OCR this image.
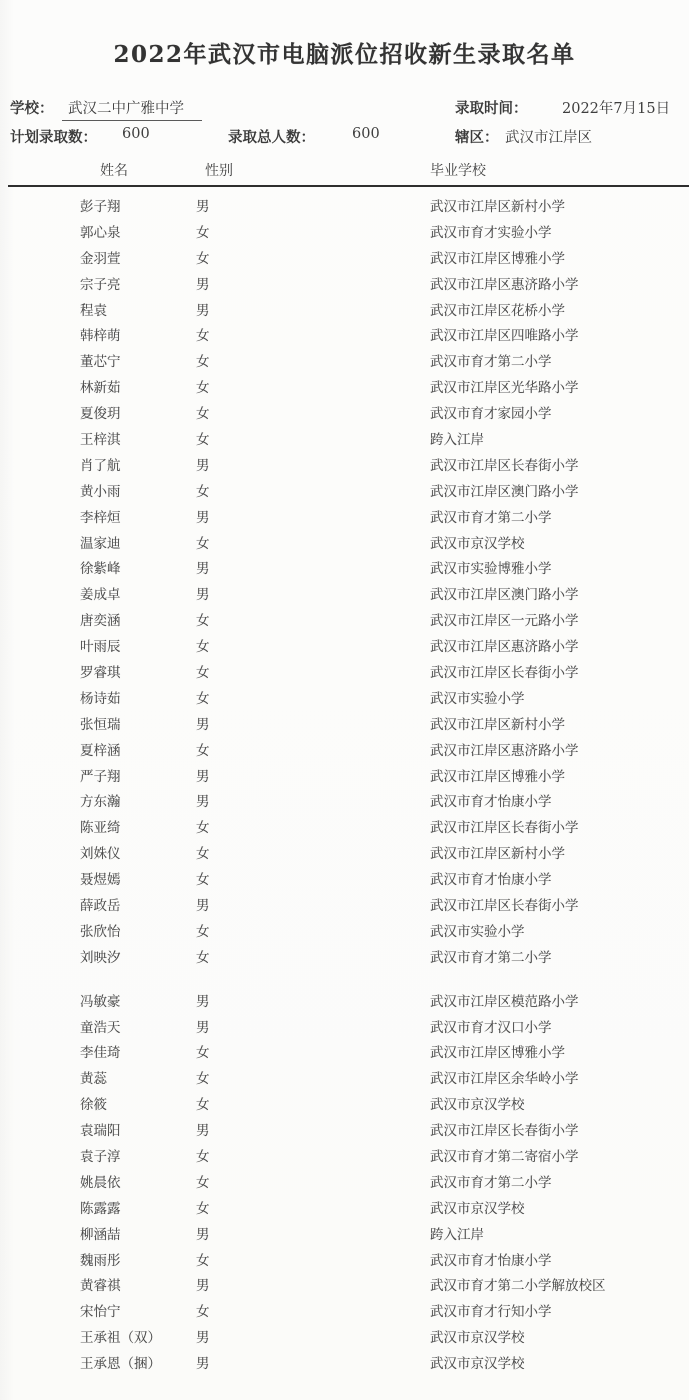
2022年武汉市电脑派位招收新生录取名单
学校：	武汉二中广雅中学	录取时间： 2022年7月15日
计划录取数： 600	录取总人数：	600	辖区： 武汉市江岸区
姓名	性别	毕业学校
彭子翔	男	武汉市江岸区新村小学
郭心泉	女	武汉市育才实验小学
金羽萱	女	武汉市江岸区博雅小学
宗子亮	男	武汉市江岸区惠济路小学
程袁	男	武汉市江岸区花桥小学
韩梓萌	女	武汉市江岸区四唯路小学
董芯宁	女	武汉市育才第二小学
林新茹	女	武汉市江岸区光华路小学
夏俊玥	女	武汉市育才家园小学
王梓淇	女	跨入江岸
肖了航	男	武汉市江岸区长春街小学
黄小雨	女	武汉市江岸区澳门路小学
李梓烜	男	武汉市育才第二小学
温家迪	女	武汉市京汉学校
徐紫峰	男	武汉市实验博雅小学
姜成卓	男	武汉市江岸区澳门路小学
唐奕涵	女	武汉市江岸区一元路小学
叶雨辰	女	武汉市江岸区惠济路小学
罗睿琪	女	武汉市江岸区长春街小学
杨诗茹	女	武汉市实验小学
张恒瑞	男	武汉市江岸区新村小学
夏梓涵	女	武汉市江岸区惠济路小学
严子翔	男	武汉市江岸区博雅小学
方东瀚	男	武汉市育才怡康小学
陈亚绮	女	武汉市江岸区长春街小学
刘姝仪	女	武汉市江岸区新村小学
聂煜嫣	女	武汉市育才怡康小学
薛政岳	男	武汉市江岸区长春街小学
张欣怡	女	武汉市实验小学
刘映汐	女	武汉市育才第二小学
冯敏豪	男	武汉市江岸区模范路小学
童浩天	男	武汉市育才汉口小学
李佳琦	女	武汉市江岸区博雅小学
黄蕊	女	武汉市江岸区余华岭小学
徐筱	女	武汉市京汉学校
袁瑞阳	男	武汉市江岸区长春街小学
袁子淳	女	武汉市育才第二寄宿小学
姚晨依	女	武汉市育才第二小学
陈露露	女	武汉市京汉学校
柳涵喆	男	跨入江岸
魏雨彤	女	武汉市育才怡康小学
黄睿祺	男	武汉市育才第二小学解放校区
宋怡宁	女	武汉市育才行知小学
王承祖（双）	男	武汉市京汉学校
王承恩（捆）	男	武汉市京汉学校
